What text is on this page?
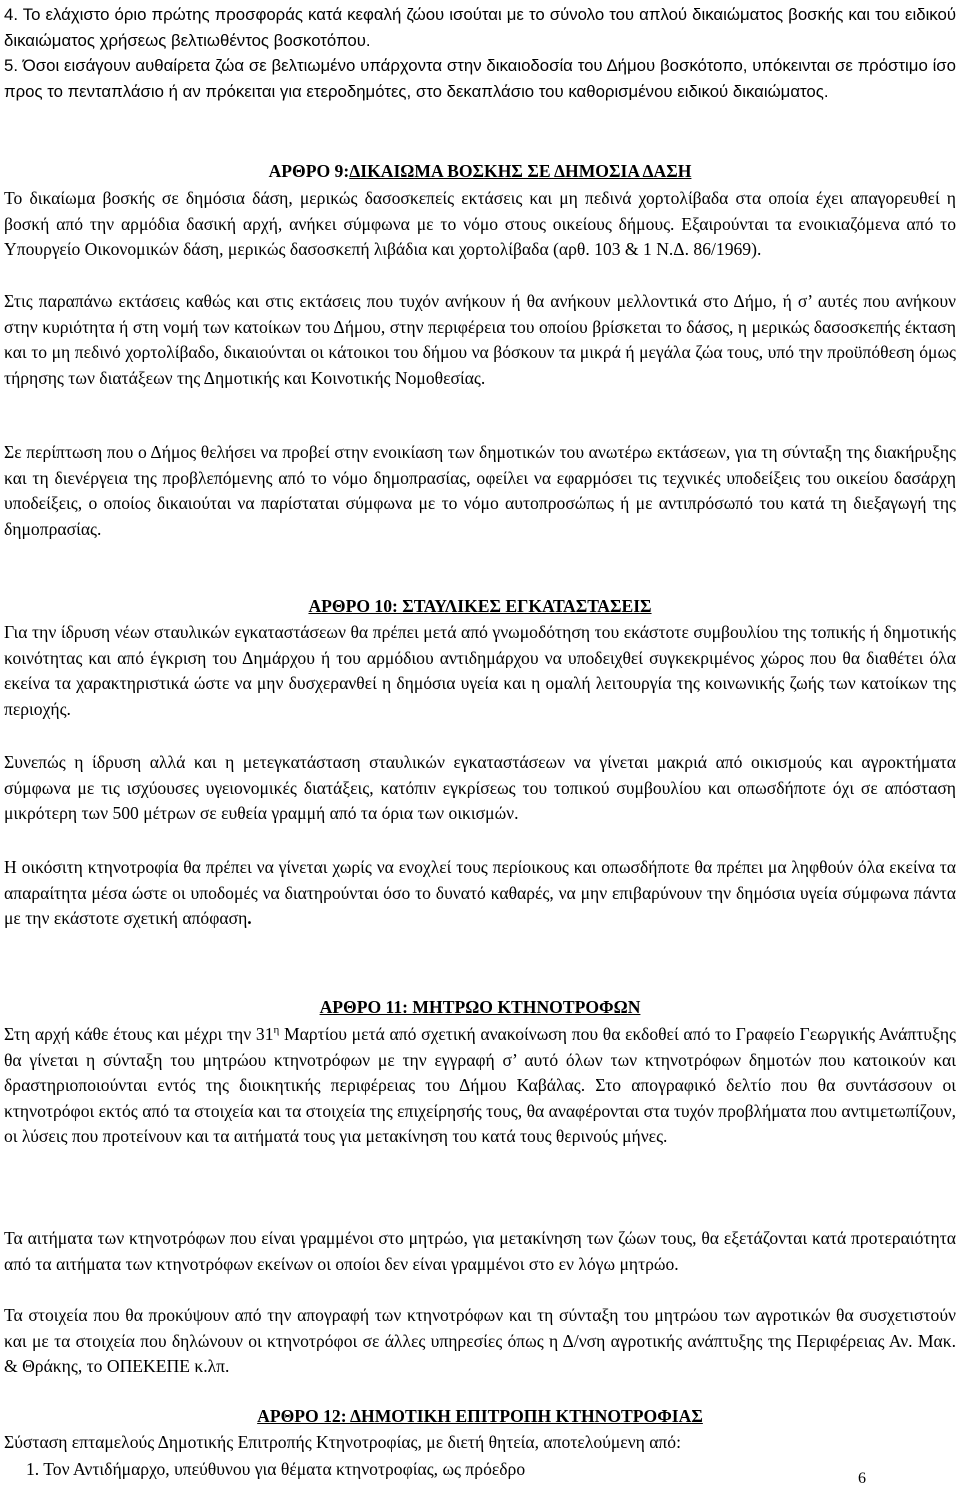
4. Το ελάχιστο όριο πρώτης προσφοράς κατά κεφαλή ζώου ισούται με το σύνολο του απλού δικαιώματος βοσκής και του ειδικού δικαιώματος χρήσεως βελτιωθέντος βοσκοτόπου.

5. Όσοι εισάγουν αυθαίρετα ζώα σε βελτιωμένο υπάρχοντα στην δικαιοδοσία του Δήμου βοσκότοπο, υπόκεινται σε πρόστιμο ίσο προς το πενταπλάσιο ή αν πρόκειται για ετεροδημότες, στο δεκαπλάσιο του καθορισμένου ειδικού δικαιώματος.

ΑΡΘΡΟ 9:ΔΙΚΑΙΩΜΑ ΒΟΣΚΗΣ ΣΕ ΔΗΜΟΣΙΑ ΔΑΣΗ

Το δικαίωμα βοσκής σε δημόσια δάση, μερικώς δασοσκεπείς εκτάσεις και μη πεδινά χορτολίβαδα στα οποία έχει απαγορευθεί η βοσκή από την αρμόδια δασική αρχή, ανήκει σύμφωνα με το νόμο στους οικείους δήμους. Εξαιρούνται τα ενοικιαζόμενα από το Υπουργείο Οικονομικών δάση, μερικώς δασοσκεπή λιβάδια και χορτολίβαδα (αρθ. 103 & 1 Ν.Δ. 86/1969).

Στις παραπάνω εκτάσεις καθώς και στις εκτάσεις που τυχόν ανήκουν ή θα ανήκουν μελλοντικά στο Δήμο, ή σ’ αυτές που ανήκουν στην κυριότητα ή στη νομή των κατοίκων του Δήμου, στην περιφέρεια του οποίου βρίσκεται το δάσος, η μερικώς δασοσκεπής έκταση και το μη πεδινό χορτολίβαδο, δικαιούνται οι κάτοικοι του δήμου να βόσκουν τα μικρά ή μεγάλα ζώα τους, υπό την προϋπόθεση όμως τήρησης των διατάξεων της Δημοτικής και Κοινοτικής Νομοθεσίας.

Σε περίπτωση που ο Δήμος θελήσει να προβεί στην ενοικίαση των δημοτικών του ανωτέρω εκτάσεων, για τη σύνταξη της διακήρυξης και τη διενέργεια της προβλεπόμενης από το νόμο δημοπρασίας, οφείλει να εφαρμόσει τις τεχνικές υποδείξεις του οικείου δασάρχη υποδείξεις, ο οποίος δικαιούται να παρίσταται σύμφωνα με το νόμο αυτοπροσώπως ή με αντιπρόσωπό του κατά τη διεξαγωγή της δημοπρασίας.

ΑΡΘΡΟ 10: ΣΤΑΥΛΙΚΕΣ ΕΓΚΑΤΑΣΤΑΣΕΙΣ

Για την ίδρυση νέων σταυλικών εγκαταστάσεων θα πρέπει μετά από γνωμοδότηση του εκάστοτε συμβουλίου της τοπικής ή δημοτικής κοινότητας και από έγκριση του Δημάρχου ή του αρμόδιου αντιδημάρχου να υποδειχθεί συγκεκριμένος χώρος που θα διαθέτει όλα εκείνα τα χαρακτηριστικά ώστε να μην δυσχερανθεί η δημόσια υγεία και η ομαλή λειτουργία της κοινωνικής ζωής των κατοίκων της περιοχής.

Συνεπώς η ίδρυση αλλά και η μετεγκατάσταση σταυλικών εγκαταστάσεων να γίνεται μακριά από οικισμούς και αγροκτήματα σύμφωνα με τις ισχύουσες υγειονομικές διατάξεις, κατόπιν εγκρίσεως του τοπικού συμβουλίου και οπωσδήποτε όχι σε απόσταση μικρότερη των 500 μέτρων σε ευθεία γραμμή από τα όρια των οικισμών.

Η οικόσιτη κτηνοτροφία θα πρέπει να γίνεται χωρίς να ενοχλεί τους περίοικους και οπωσδήποτε θα πρέπει μα ληφθούν όλα εκείνα τα απαραίτητα μέσα ώστε οι υποδομές να διατηρούνται όσο το δυνατό καθαρές, να μην επιβαρύνουν την δημόσια υγεία σύμφωνα πάντα με την εκάστοτε σχετική απόφαση.

ΑΡΘΡΟ 11: ΜΗΤΡΩΟ ΚΤΗΝΟΤΡΟΦΩΝ

Στη αρχή κάθε έτους και μέχρι την $31^\eta$ Μαρτίου μετά από σχετική ανακοίνωση που θα εκδοθεί από το Γραφείο Γεωργικής Ανάπτυξης θα γίνεται η σύνταξη του μητρώου κτηνοτρόφων με την εγγραφή σ’ αυτό όλων των κτηνοτρόφων δημοτών που κατοικούν και δραστηριοποιούνται εντός της διοικητικής περιφέρειας του Δήμου Καβάλας. Στο απογραφικό δελτίο που θα συντάσσουν οι κτηνοτρόφοι εκτός από τα στοιχεία και τα στοιχεία της επιχείρησής τους, θα αναφέρονται στα τυχόν προβλήματα που αντιμετωπίζουν, οι λύσεις που προτείνουν και τα αιτήματά τους για μετακίνηση του κατά τους θερινούς μήνες.

Τα αιτήματα των κτηνοτρόφων που είναι γραμμένοι στο μητρώο, για μετακίνηση των ζώων τους, θα εξετάζονται κατά προτεραιότητα από τα αιτήματα των κτηνοτρόφων εκείνων οι οποίοι δεν είναι γραμμένοι στο εν λόγω μητρώο.

Τα στοιχεία που θα προκύψουν από την απογραφή των κτηνοτρόφων και τη σύνταξη του μητρώου των αγροτικών θα συσχετιστούν και με τα στοιχεία που δηλώνουν οι κτηνοτρόφοι σε άλλες υπηρεσίες όπως η Δ/νση αγροτικής ανάπτυξης της Περιφέρειας Αν. Μακ. & Θράκης, το ΟΠΕΚΕΠΕ κ.λπ.

ΑΡΘΡΟ 12: ΔΗΜΟΤΙΚΗ ΕΠΙΤΡΟΠΗ ΚΤΗΝΟΤΡΟΦΙΑΣ

Σύσταση επταμελούς Δημοτικής Επιτροπής Κτηνοτροφίας, με διετή θητεία, αποτελούμενη από:

1. Τον Αντιδήμαρχο, υπεύθυνου για θέματα κτηνοτροφίας, ως πρόεδρο	6
